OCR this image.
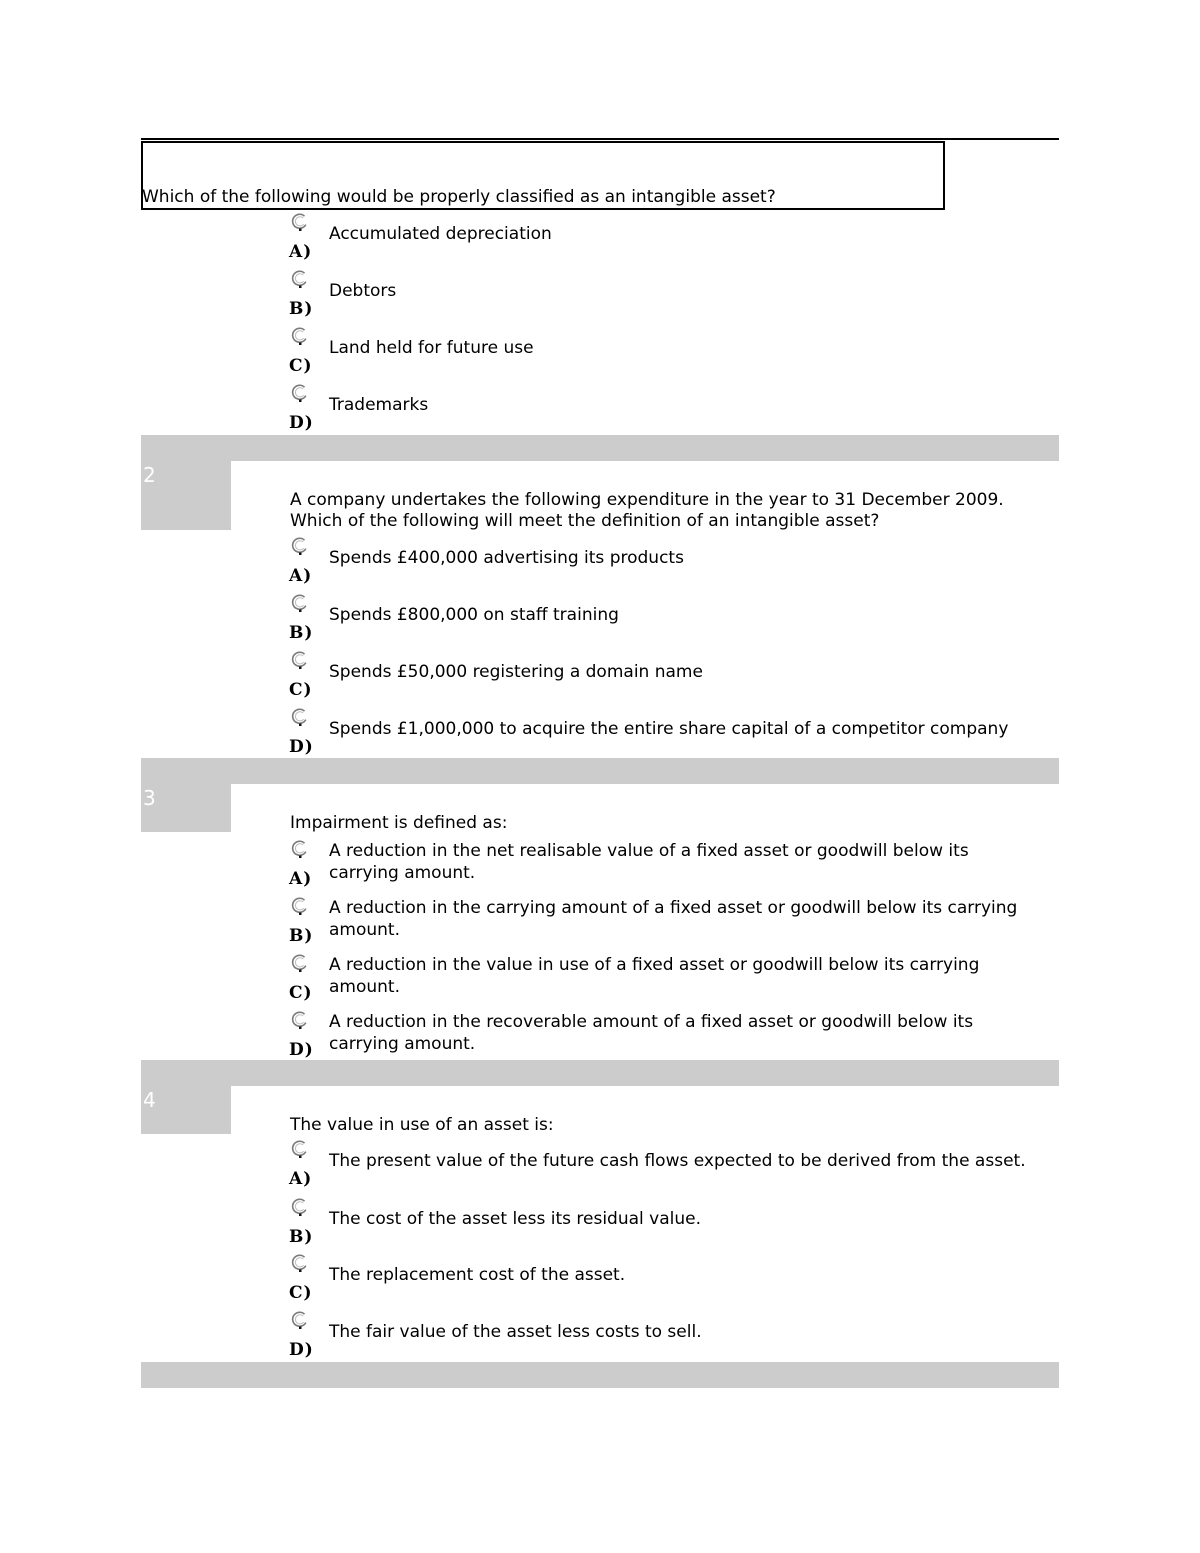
Which of the following would be properly classified as an intangible asset?
A)
Accumulated depreciation
B)
Debtors
C)
Land held for future use
D)
Trademarks
2
A company undertakes the following expenditure in the year to 31 December 2009.
Which of the following will meet the definition of an intangible asset?
A)
Spends £400,000 advertising its products
B)
Spends £800,000 on staff training
C)
Spends £50,000 registering a domain name
D)
Spends £1,000,000 to acquire the entire share capital of a competitor company
3
Impairment is defined as:
A)
A reduction in the net realisable value of a fixed asset or goodwill below its carrying amount.
B)
A reduction in the carrying amount of a fixed asset or goodwill below its carrying amount.
C)
A reduction in the value in use of a fixed asset or goodwill below its carrying amount.
D)
A reduction in the recoverable amount of a fixed asset or goodwill below its carrying amount.
4
The value in use of an asset is:
A)
The present value of the future cash flows expected to be derived from the asset.
B)
The cost of the asset less its residual value.
C)
The replacement cost of the asset.
D)
The fair value of the asset less costs to sell.
